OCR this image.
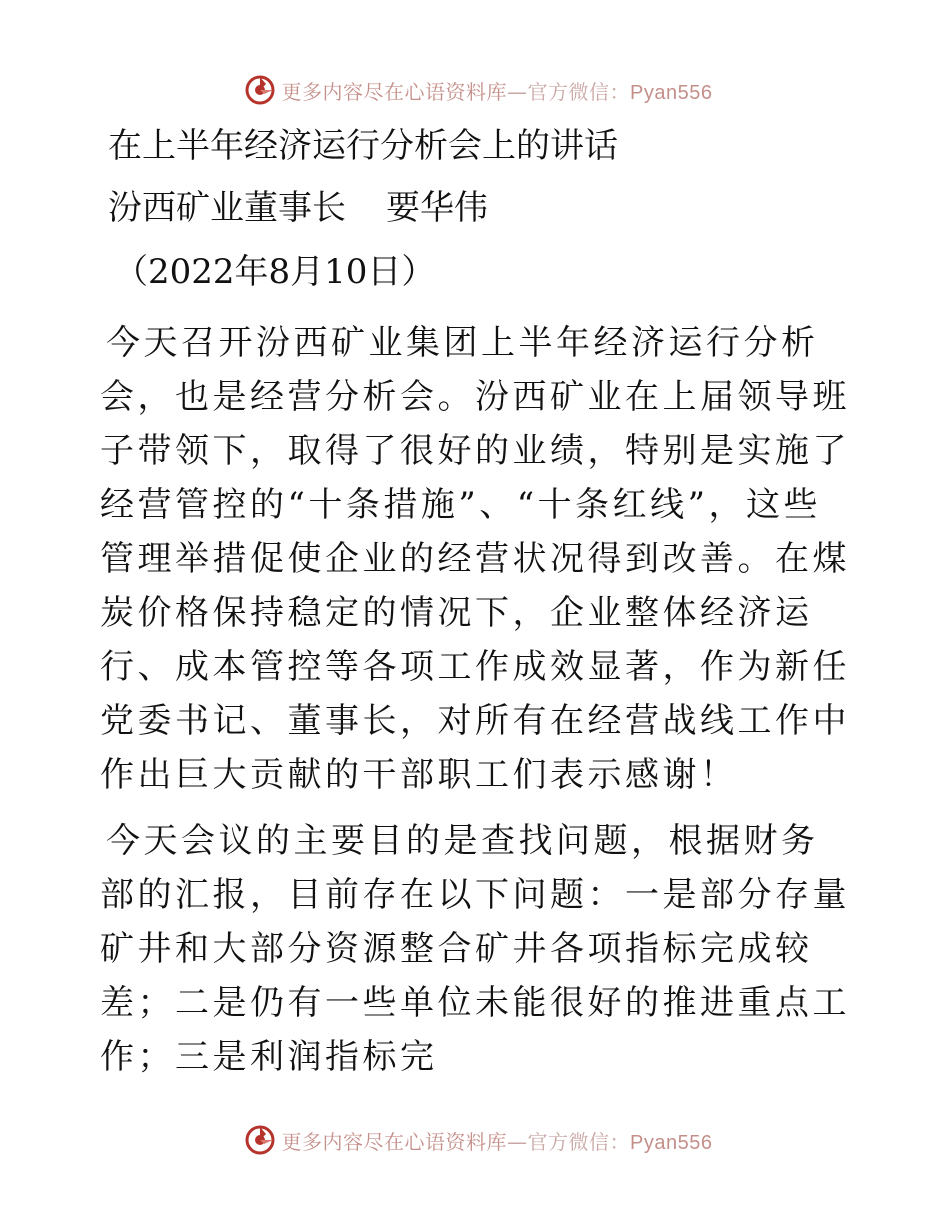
更多内容尽在心语资料库—官方微信：Pyan556

在上半年经济运行分析会上的讲话

汾西矿业董事长 要华伟

（2022年8月10日）

今天召开汾西矿业集团上半年经济运行分析会，也是经营分析会。汾西矿业在上届领导班子带领下，取得了很好的业绩，特别是实施了经营管控的“十条措施”、“十条红线”，这些管理举措促使企业的经营状况得到改善。在煤炭价格保持稳定的情况下，企业整体经济运行、成本管控等各项工作成效显著，作为新任党委书记、董事长，对所有在经营战线工作中作出巨大贡献的干部职工们表示感谢！

今天会议的主要目的是查找问题，根据财务部的汇报，目前存在以下问题：一是部分存量矿井和大部分资源整合矿井各项指标完成较差；二是仍有一些单位未能很好的推进重点工作；三是利润指标完

更多内容尽在心语资料库—官方微信：Pyan556
